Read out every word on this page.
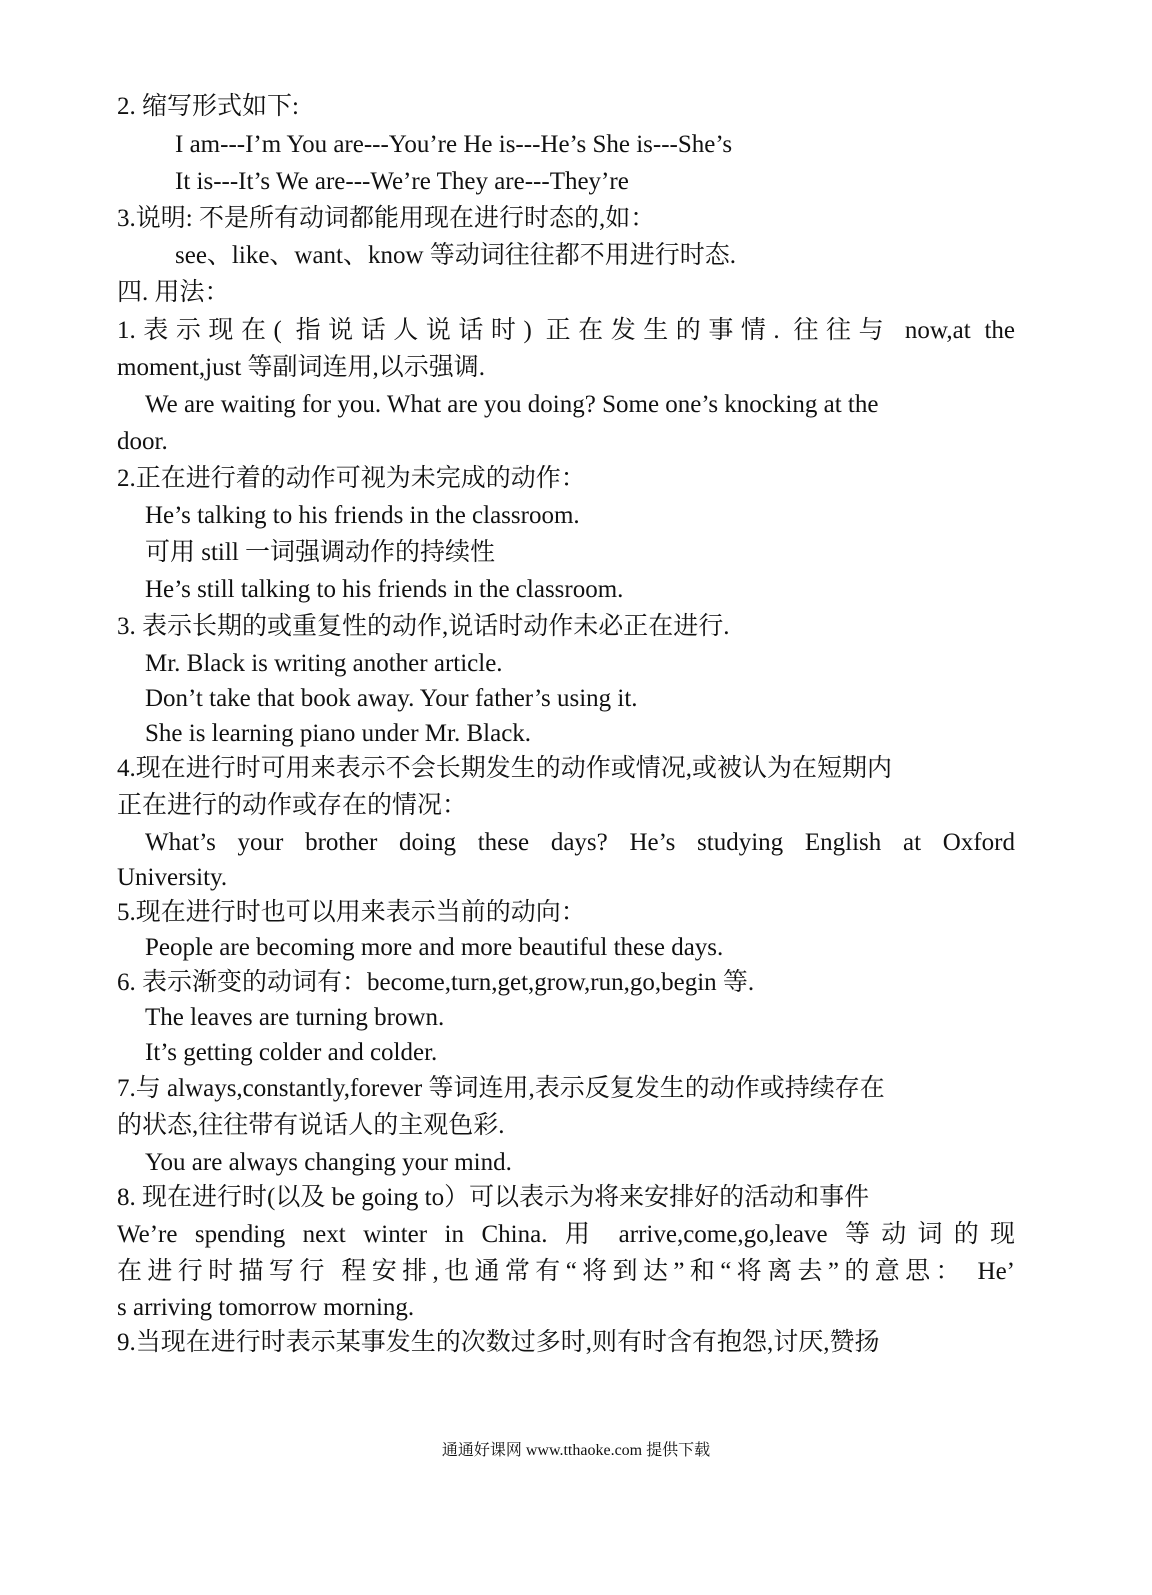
2. 缩写形式如下:
I am---I’m You are---You’re He is---He’s She is---She’s
It is---It’s We are---We’re They are---They’re
3.说明: 不是所有动词都能用现在进行时态的,如：
see、like、want、know 等动词往往都不用进行时态.
四. 用法：
1.表示现在( 指说话人说话时) 正在发生的事情. 往往与 now,at the
moment,just 等副词连用,以示强调.
We are waiting for you. What are you doing? Some one’s knocking at the
door.
2.正在进行着的动作可视为未完成的动作：
He’s talking to his friends in the classroom.
可用 still 一词强调动作的持续性
He’s still talking to his friends in the classroom.
3. 表示长期的或重复性的动作,说话时动作未必正在进行.
Mr. Black is writing another article.
Don’t take that book away. Your father’s using it.
She is learning piano under Mr. Black.
4.现在进行时可用来表示不会长期发生的动作或情况,或被认为在短期内
正在进行的动作或存在的情况：
What’s your brother doing these days? He’s studying English at Oxford
University.
5.现在进行时也可以用来表示当前的动向：
People are becoming more and more beautiful these days.
6. 表示渐变的动词有：become,turn,get,grow,run,go,begin 等.
The leaves are turning brown.
It’s getting colder and colder.
7.与 always,constantly,forever 等词连用,表示反复发生的动作或持续存在
的状态,往往带有说话人的主观色彩.
You are always changing your mind.
8. 现在进行时(以及 be going to）可以表示为将来安排好的活动和事件
We’re spending next winter in China. 用 arrive,come,go,leave 等动词的现
在进行时描写行 程安排,也通常有“将到达”和“将离去”的意思： He’
s arriving tomorrow morning.
9.当现在进行时表示某事发生的次数过多时,则有时含有抱怨,讨厌,赞扬
通通好课网 www.tthaoke.com 提供下载
